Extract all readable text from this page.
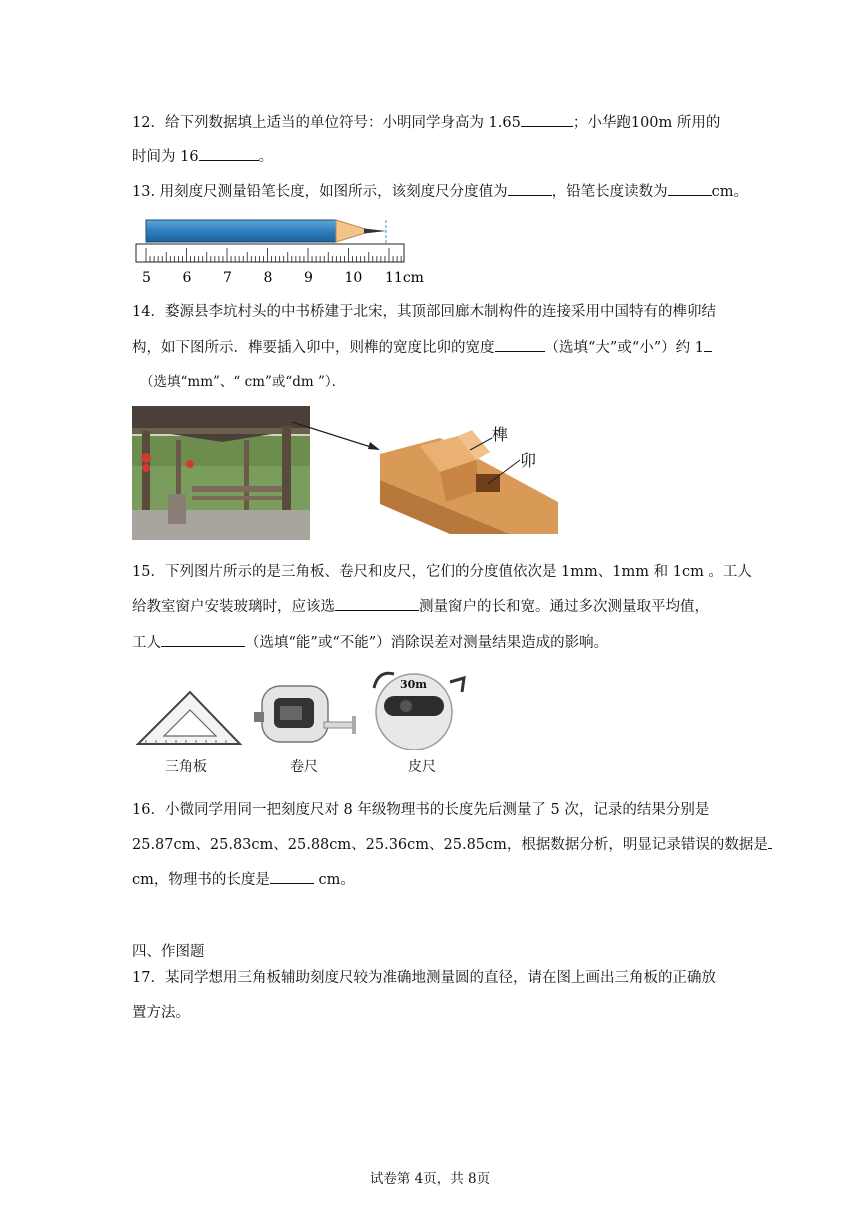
12．给下列数据填上适当的单位符号：小明同学身高为 1.65	；小华跑100m 所用的
时间为 16	。
13. 用刻度尺测量铅笔长度，如图所示，该刻度尺分度值为	，铅笔长度读数为	cm。
5 6 7 8 9 10 11cm
14．婺源县李坑村头的中书桥建于北宋，其顶部回廊木制构件的连接采用中国特有的榫卯结
构，如下图所示．榫要插入卯中，则榫的宽度比卯的宽度	（选填“大”或“小”）约 1
（选填“mm”、“ cm”或“dm ”）．
榫
卯
15．下列图片所示的是三角板、卷尺和皮尺，它们的分度值依次是 1mm、1mm 和 1cm 。工人
给教室窗户安装玻璃时，应该选	测量窗户的长和宽。通过多次测量取平均值，
工人	（选填“能”或“不能”）消除误差对测量结果造成的影响。
30m
三角板	卷尺	皮尺
16．小微同学用同一把刻度尺对 8 年级物理书的长度先后测量了 5 次，记录的结果分别是
25.87cm、25.83cm、25.88cm、25.36cm、25.85cm，根据数据分析，明显记录错误的数据是
cm，物理书的长度是	cm。
四、作图题
17．某同学想用三角板辅助刻度尺较为准确地测量圆的直径，请在图上画出三角板的正确放
置方法。
试卷第 4页，共 8页
